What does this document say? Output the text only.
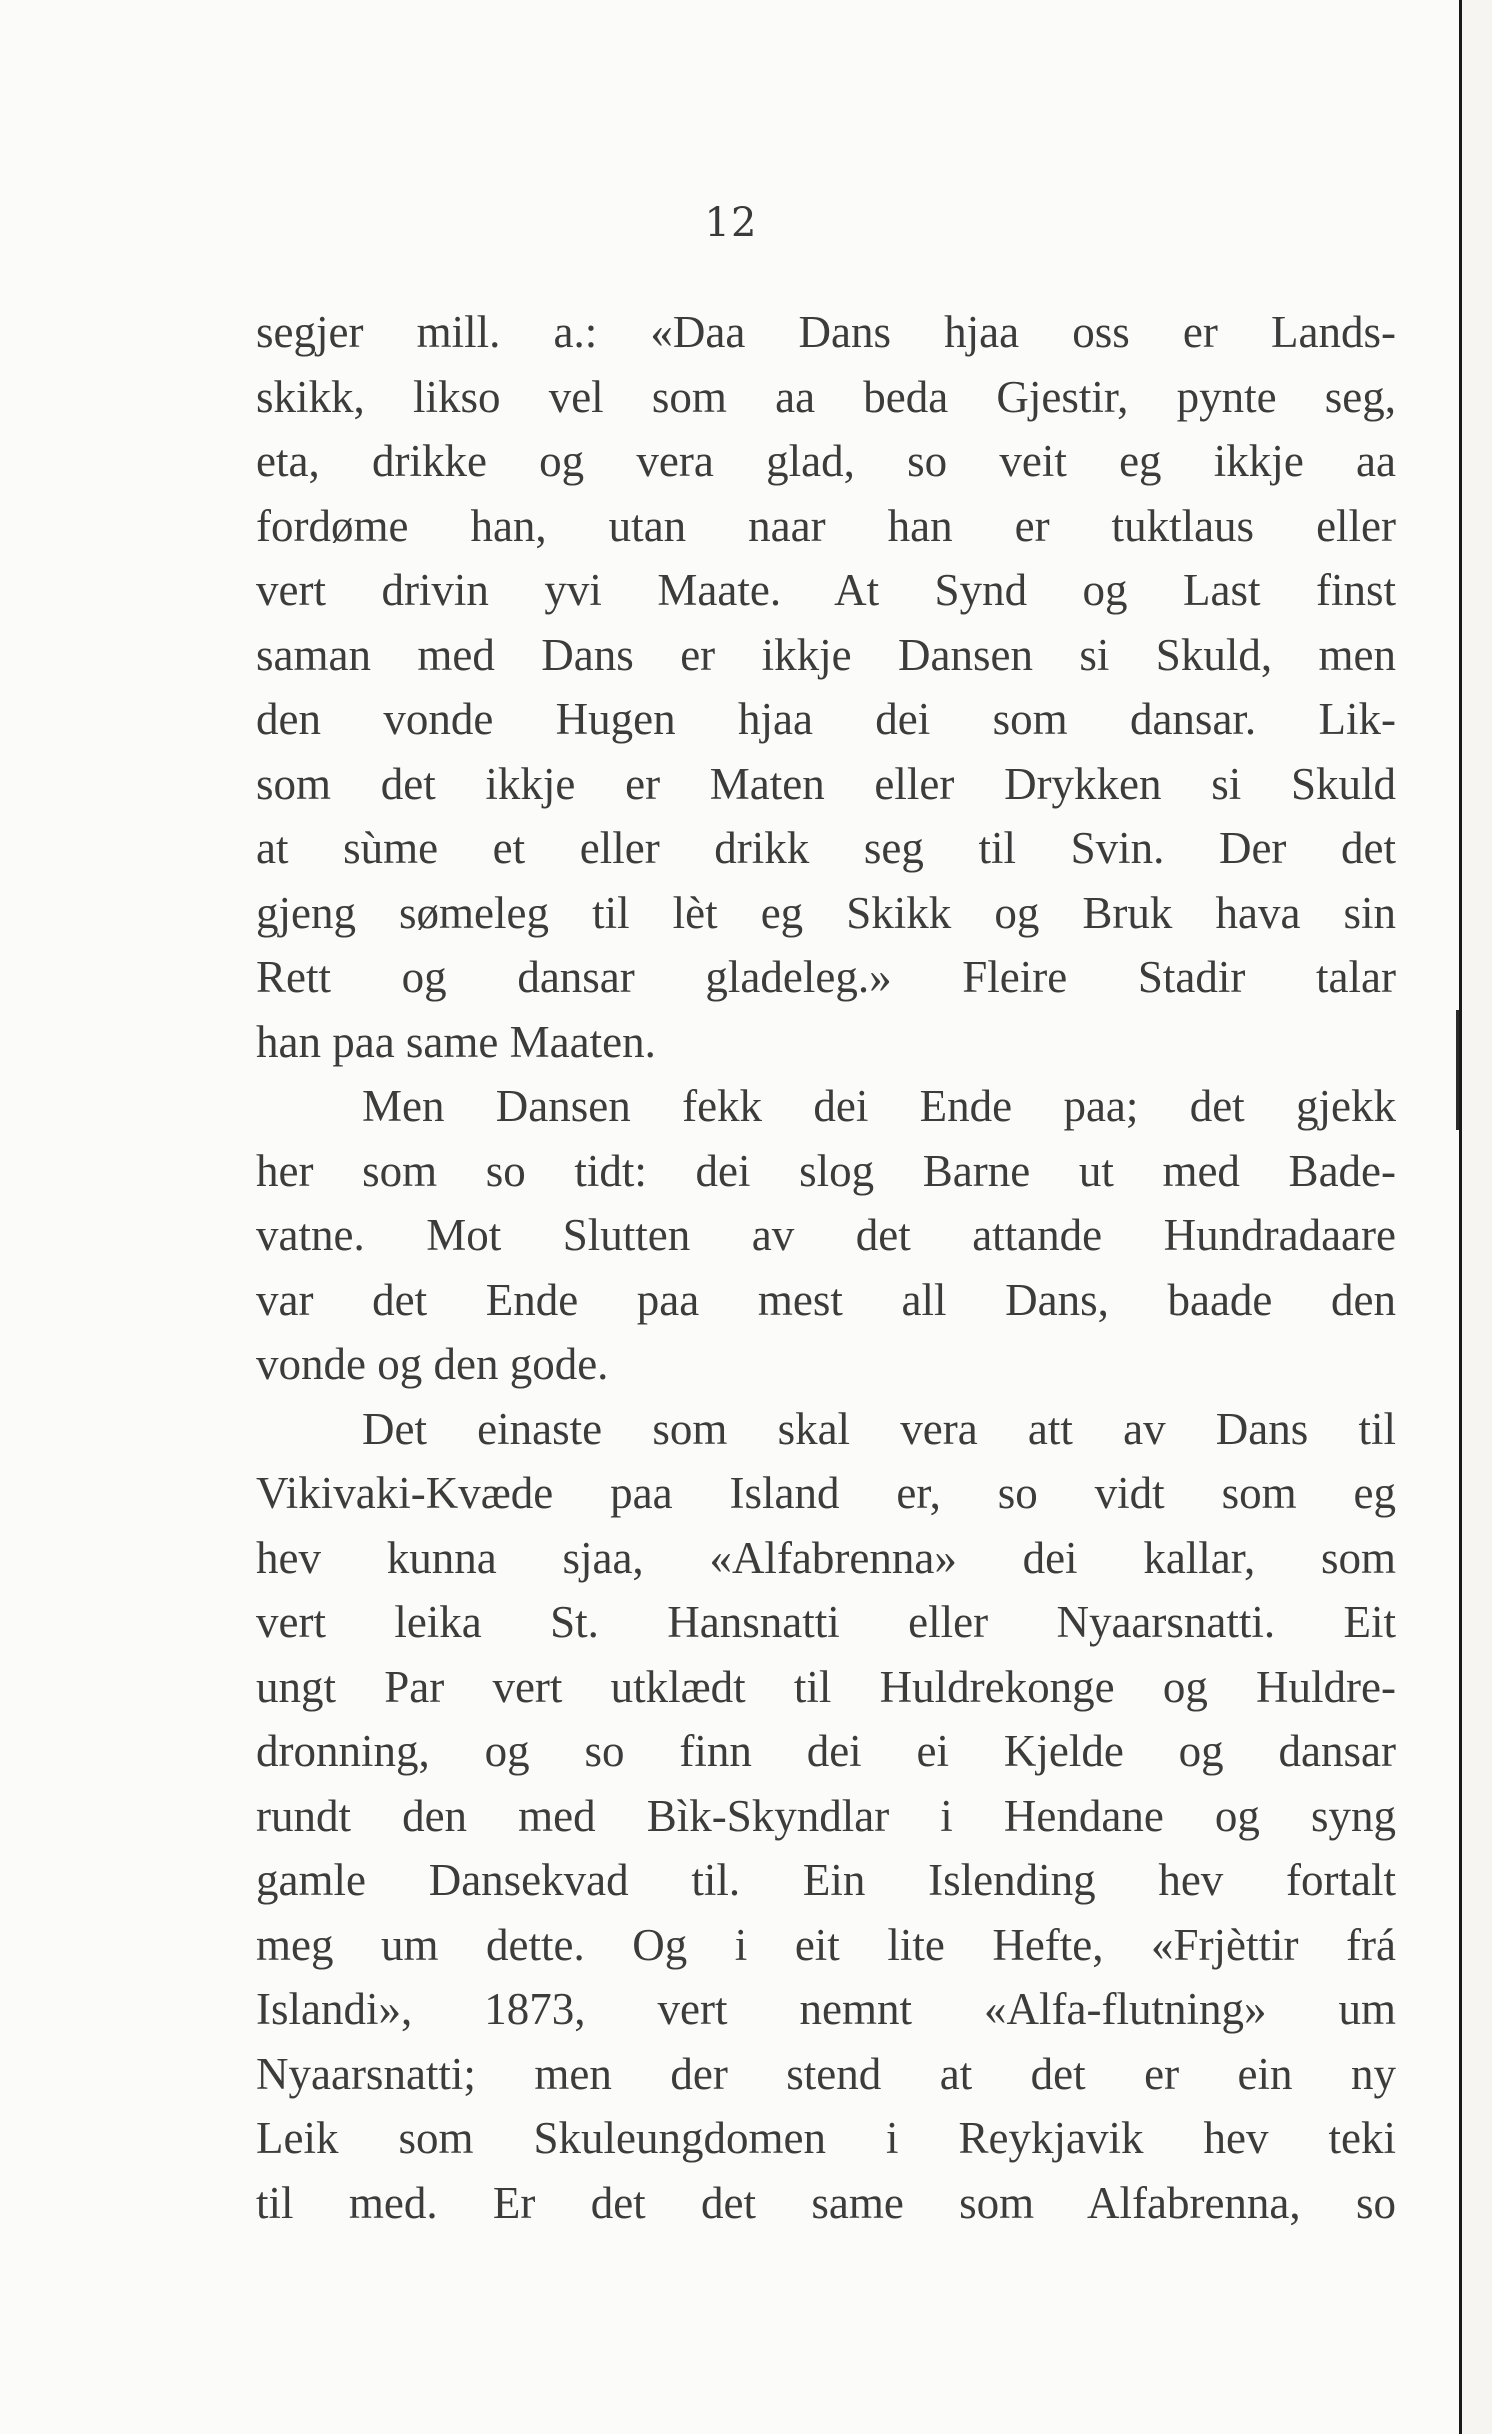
12
segjer mill. a.: «Daa Dans hjaa oss er Lands-
skikk, likso vel som aa beda Gjestir, pynte seg,
eta, drikke og vera glad, so veit eg ikkje aa
fordøme han, utan naar han er tuktlaus eller
vert drivin yvi Maate. At Synd og Last finst
saman med Dans er ikkje Dansen si Skuld, men
den vonde Hugen hjaa dei som dansar. Lik-
som det ikkje er Maten eller Drykken si Skuld
at sùme et eller drikk seg til Svin. Der det
gjeng sømeleg til lèt eg Skikk og Bruk hava sin
Rett og dansar gladeleg.» Fleire Stadir talar
han paa same Maaten.
Men Dansen fekk dei Ende paa; det gjekk
her som so tidt: dei slog Barne ut med Bade-
vatne. Mot Slutten av det attande Hundradaare
var det Ende paa mest all Dans, baade den
vonde og den gode.
Det einaste som skal vera att av Dans til
Vikivaki-Kvæde paa Island er, so vidt som eg
hev kunna sjaa, «Alfabrenna» dei kallar, som
vert leika St. Hansnatti eller Nyaarsnatti. Eit
ungt Par vert utklædt til Huldrekonge og Huldre-
dronning, og so finn dei ei Kjelde og dansar
rundt den med Bìk-Skyndlar i Hendane og syng
gamle Dansekvad til. Ein Islending hev fortalt
meg um dette. Og i eit lite Hefte, «Frjèttir frá
Islandi», 1873, vert nemnt «Alfa-flutning» um
Nyaarsnatti; men der stend at det er ein ny
Leik som Skuleungdomen i Reykjavik hev teki
til med. Er det det same som Alfabrenna, so
